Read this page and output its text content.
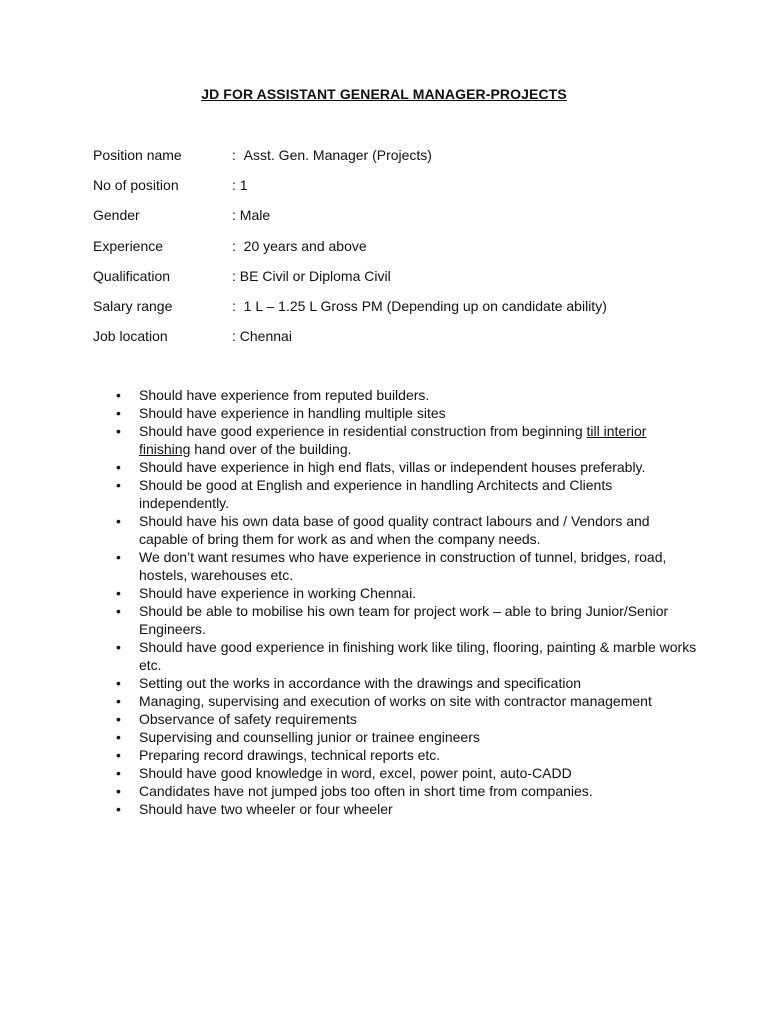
JD FOR ASSISTANT GENERAL MANAGER-PROJECTS
Position name	:  Asst. Gen. Manager (Projects)
No of position	: 1
Gender	: Male
Experience	:  20 years and above
Qualification	: BE Civil or Diploma Civil
Salary range	:  1 L – 1.25 L Gross PM (Depending up on candidate ability)
Job location	: Chennai
• Should have experience from reputed builders.
• Should have experience in handling multiple sites
• Should have good experience in residential construction from beginning till interior finishing hand over of the building.
• Should have experience in high end flats, villas or independent houses preferably.
• Should be good at English and experience in handling Architects and Clients independently.
• Should have his own data base of good quality contract labours and / Vendors and capable of bring them for work as and when the company needs.
• We don’t want resumes who have experience in construction of tunnel, bridges, road, hostels, warehouses etc.
• Should have experience in working Chennai.
• Should be able to mobilise his own team for project work – able to bring Junior/Senior Engineers.
• Should have good experience in finishing work like tiling, flooring, painting & marble works etc.
• Setting out the works in accordance with the drawings and specification
• Managing, supervising and execution of works on site with contractor management
• Observance of safety requirements
• Supervising and counselling junior or trainee engineers
• Preparing record drawings, technical reports etc.
• Should have good knowledge in word, excel, power point, auto-CADD
• Candidates have not jumped jobs too often in short time from companies.
• Should have two wheeler or four wheeler
